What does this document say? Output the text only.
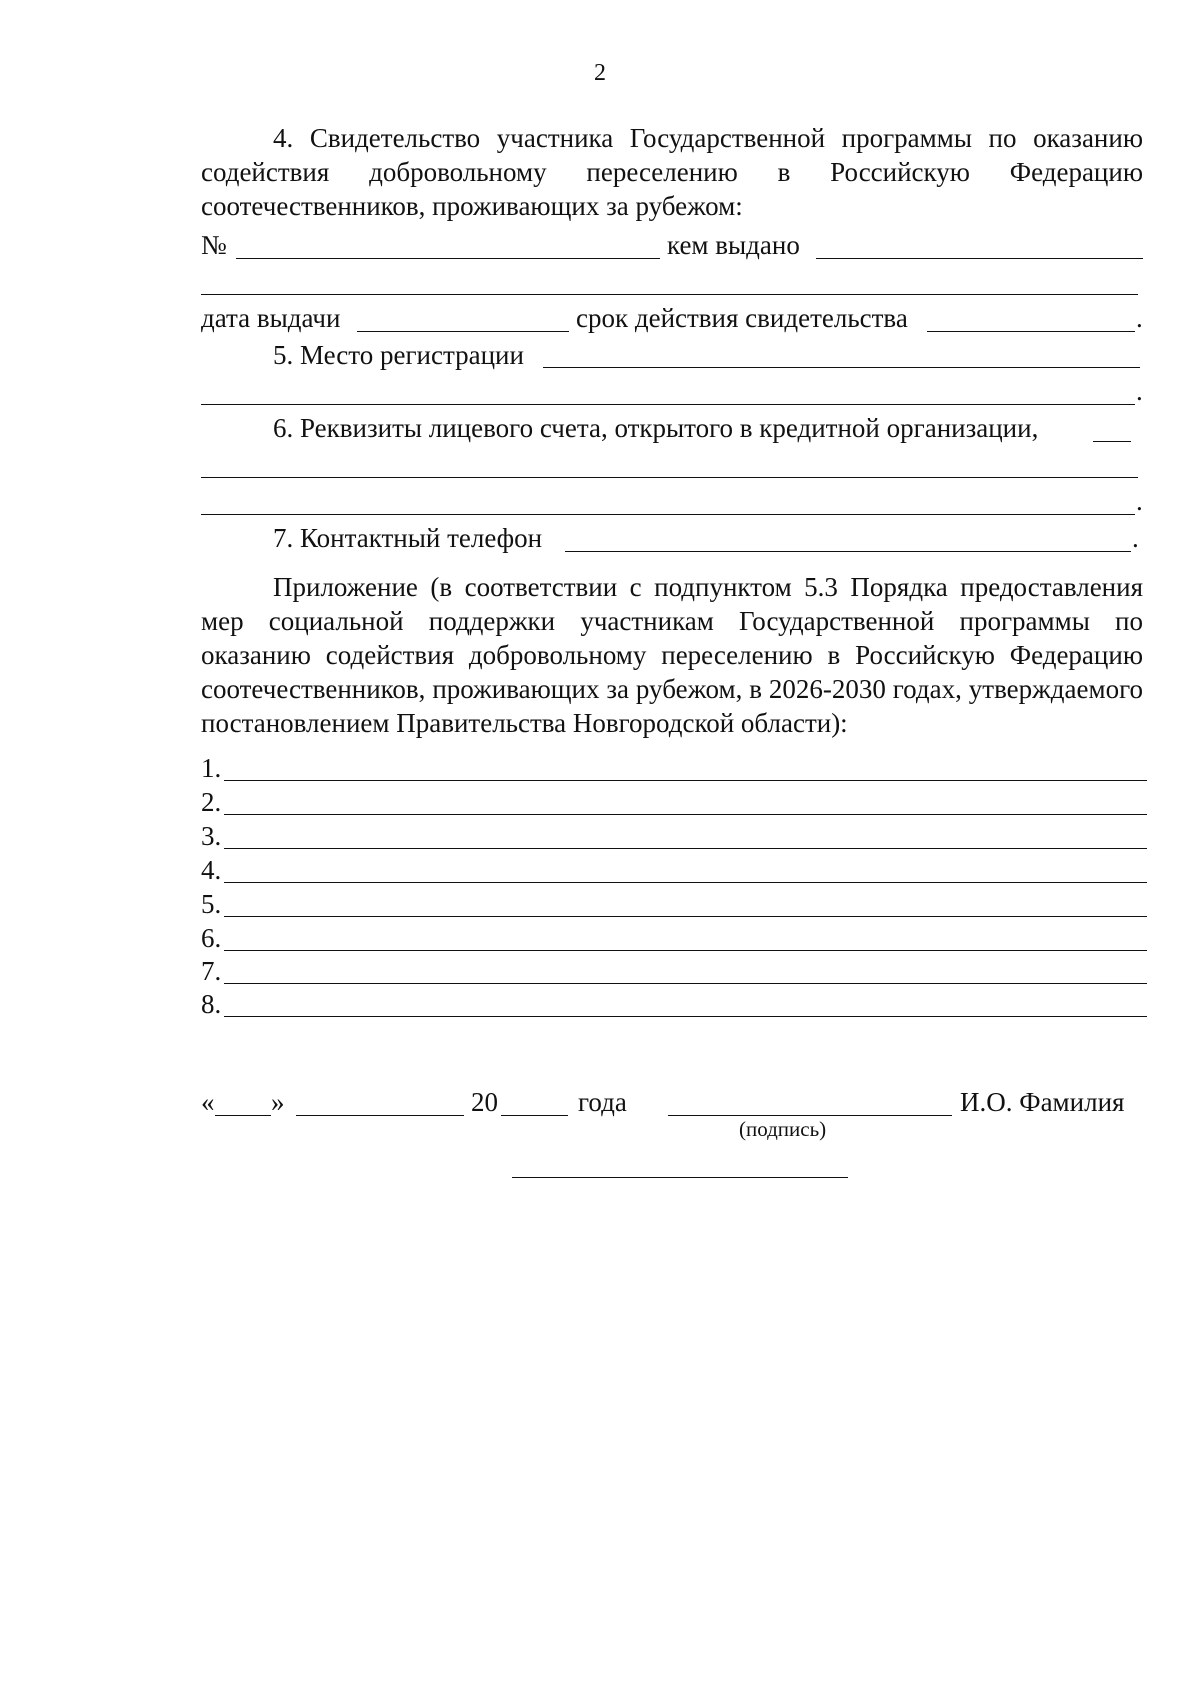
2
4. Свидетельство участника Государственной программы по оказанию содействия добровольному переселению в Российскую Федерацию соотечественников, проживающих за рубежом:
№	кем выдано
дата выдачи	срок действия свидетельства	.
5. Место регистрации
.
6. Реквизиты лицевого счета, открытого в кредитной организации,
.
7. Контактный телефон	.
Приложение (в соответствии с подпунктом 5.3 Порядка предоставления мер социальной поддержки участникам Государственной программы по оказанию содействия добровольному переселению в Российскую Федерацию соотечественников, проживающих за рубежом, в 2026-2030 годах, утверждаемого постановлением Правительства Новгородской области):
1.
2.
3.
4.
5.
6.
7.
8.
« »	20	года	И.О. Фамилия
(подпись)
